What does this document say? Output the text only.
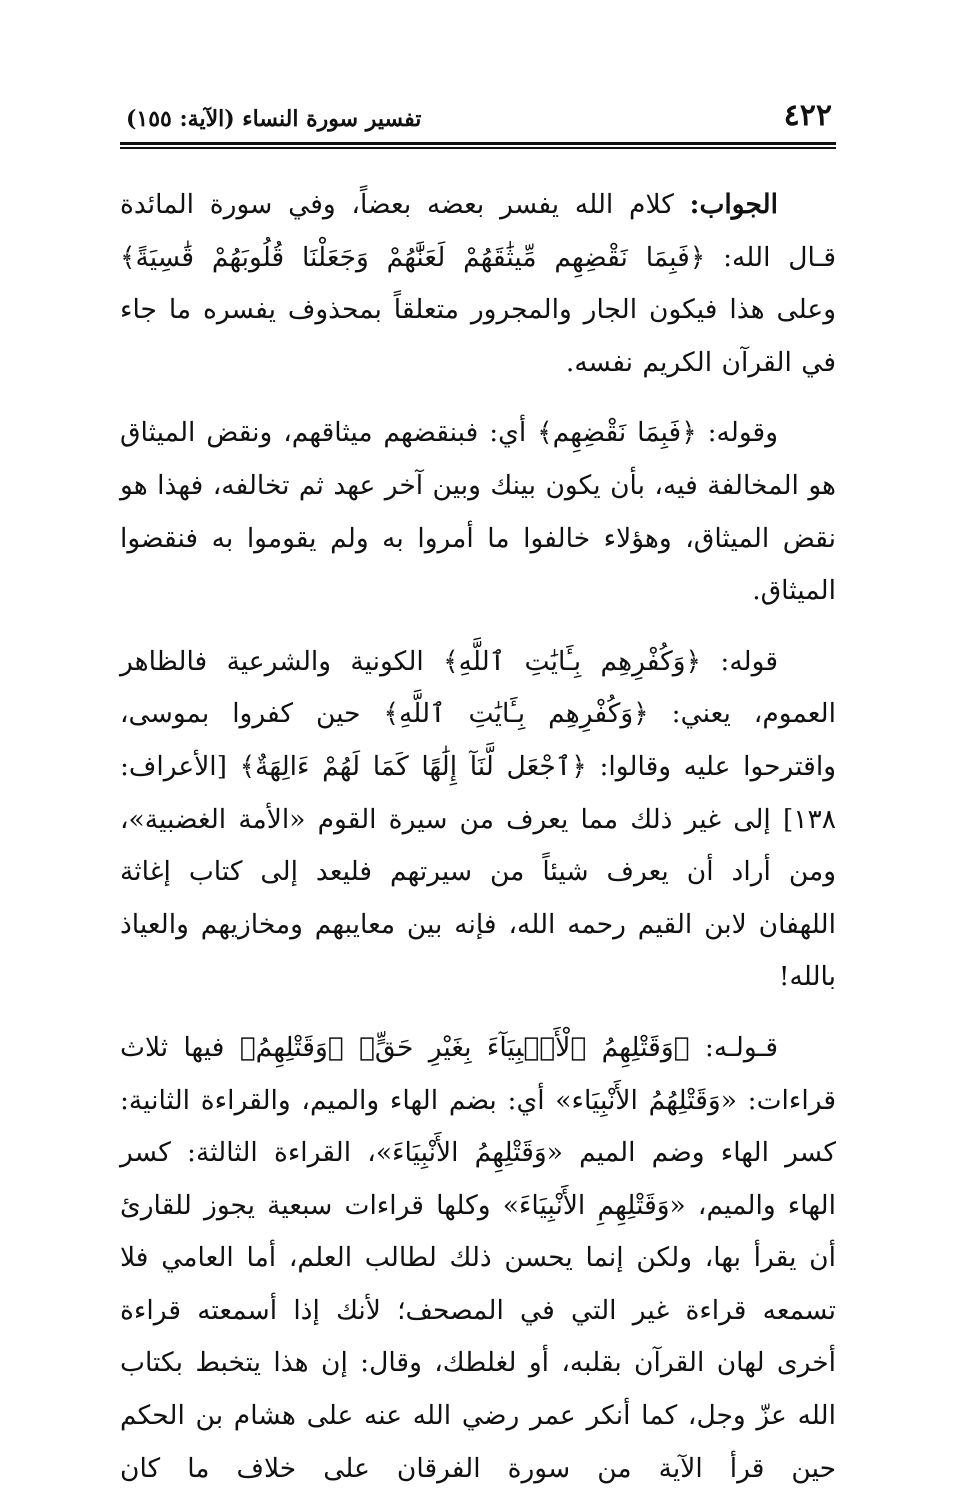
٤٢٢
تفسير سورة النساء (الآية: ١٥٥)

الجواب: كلام الله يفسر بعضه بعضاً، وفي سورة المائدة قـال الله: ﴿فَبِمَا نَقْضِهِم مِّيثَٰقَهُمْ لَعَنَّٰهُمْ وَجَعَلْنَا قُلُوبَهُمْ قَٰسِيَةً﴾ وعلى هذا فيكون الجار والمجرور متعلقاً بمحذوف يفسره ما جاء في القرآن الكريم نفسه.

وقوله: ﴿فَبِمَا نَقْضِهِم﴾ أي: فبنقضهم ميثاقهم، ونقض الميثاق هو المخالفة فيه، بأن يكون بينك وبين آخر عهد ثم تخالفه، فهذا هو نقض الميثاق، وهؤلاء خالفوا ما أمروا به ولم يقوموا به فنقضوا الميثاق.

قوله: ﴿وَكُفْرِهِم بِـَٔايَٰتِ ٱللَّهِ﴾ الكونية والشرعية فالظاهر العموم، يعني: ﴿وَكُفْرِهِم بِـَٔايَٰتِ ٱللَّهِ﴾ حين كفروا بموسى، واقترحوا عليه وقالوا: ﴿ٱجْعَل لَّنَآ إِلَٰهًا كَمَا لَهُمْ ءَالِهَةٌ﴾ [الأعراف: ١٣٨] إلى غير ذلك مما يعرف من سيرة القوم «الأمة الغضبية»، ومن أراد أن يعرف شيئاً من سيرتهم فليعد إلى كتاب إغاثة اللهفان لابن القيم رحمه الله، فإنه بين معايبهم ومخازيهم والعياذ بالله!

قـولـه: ﴿وَقَتْلِهِمُ ٱلْأَنۢبِيَآءَ بِغَيْرِ حَقٍّ﴾ ﴿وَقَتْلِهِمُ﴾ فيها ثلاث قراءات: «وَقَتْلِهُمُ الأَنْبِيَاء» أي: بضم الهاء والميم، والقراءة الثانية: كسر الهاء وضم الميم «وَقَتْلِهِمُ الأَنْبِيَاءَ»، القراءة الثالثة: كسر الهاء والميم، «وَقَتْلِهِمِ الأَنْبِيَاءَ» وكلها قراءات سبعية يجوز للقارئ أن يقرأ بها، ولكن إنما يحسن ذلك لطالب العلم، أما العامي فلا تسمعه قراءة غير التي في المصحف؛ لأنك إذا أسمعته قراءة أخرى لهان القرآن بقلبه، أو لغلطك، وقال: إن هذا يتخبط بكتاب الله عزّ وجل، كما أنكر عمر رضي الله عنه على هشام بن الحكم حين قرأ الآية من سورة الفرقان على خلاف ما كان
